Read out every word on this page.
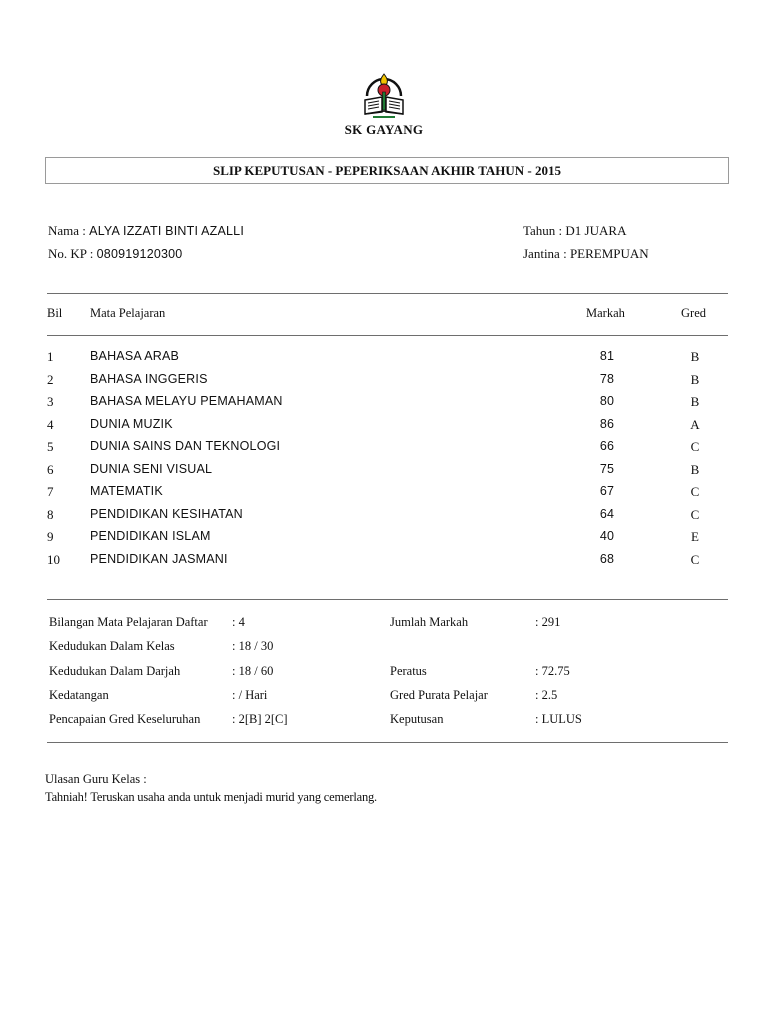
SK GAYANG
SLIP KEPUTUSAN - PEPERIKSAAN AKHIR TAHUN - 2015
Nama : ALYA IZZATI BINTI AZALLI
No. KP : 080919120300
Tahun : D1 JUARA
Jantina : PEREMPUAN
Bil Mata Pelajaran	Markah	Gred
1	BAHASA ARAB	81	B
2	BAHASA INGGERIS	78	B
3	BAHASA MELAYU PEMAHAMAN	80	B
4	DUNIA MUZIK	86	A
5	DUNIA SAINS DAN TEKNOLOGI	66	C
6	DUNIA SENI VISUAL	75	B
7	MATEMATIK	67	C
8	PENDIDIKAN KESIHATAN	64	C
9	PENDIDIKAN ISLAM	40	E
10 PENDIDIKAN JASMANI	68	C
Bilangan Mata Pelajaran Daftar : 4	Jumlah Markah	: 291
Kedudukan Dalam Kelas	: 18 / 30
Kedudukan Dalam Darjah	: 18 / 60	Peratus	: 72.75
Kedatangan	: / Hari	Gred Purata Pelajar	: 2.5
Pencapaian Gred Keseluruhan	: 2[B] 2[C]	Keputusan	: LULUS
Ulasan Guru Kelas :
Tahniah! Teruskan usaha anda untuk menjadi murid yang cemerlang.
